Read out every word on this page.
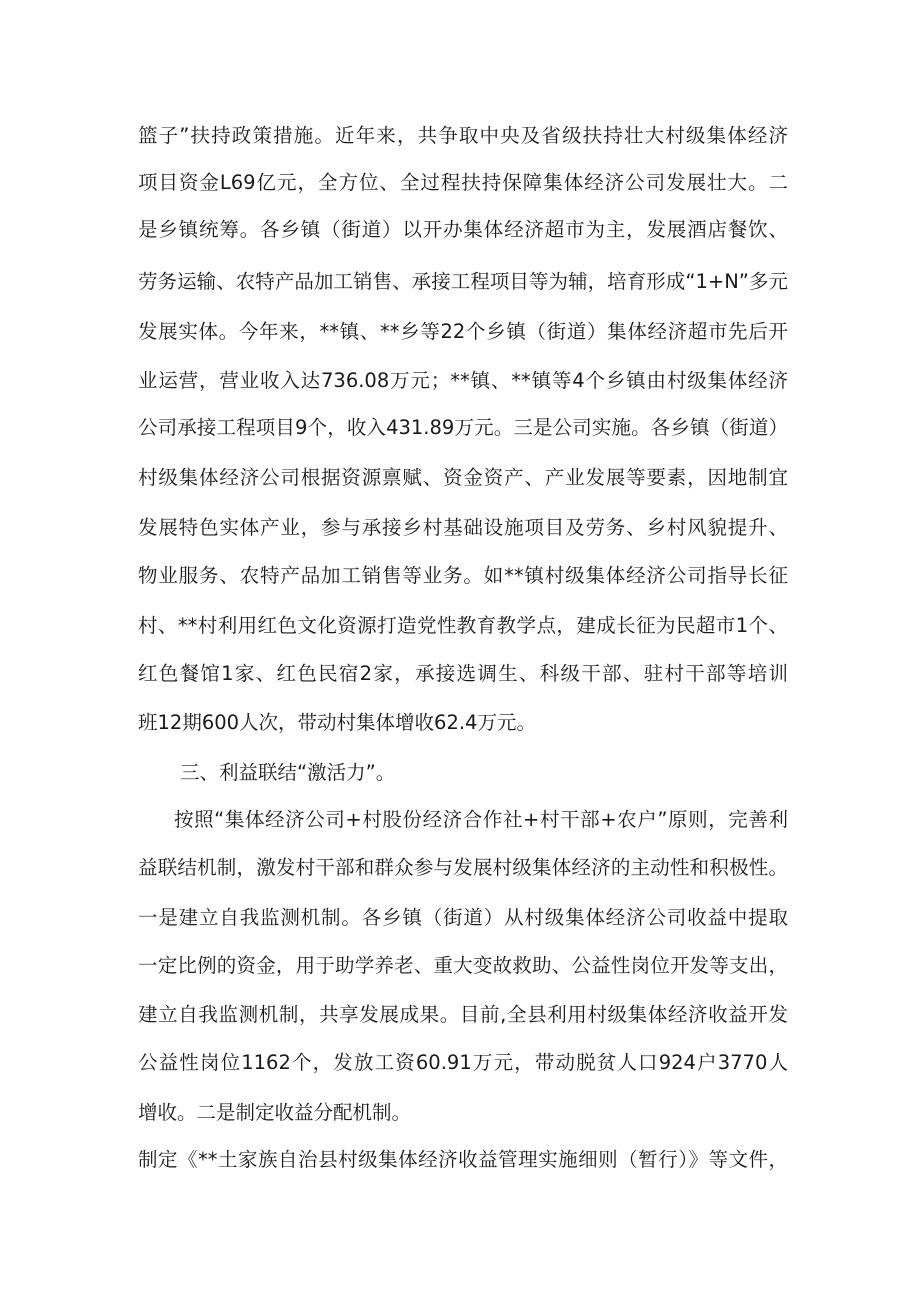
篮子”扶持政策措施。近年来，共争取中央及省级扶持壮大村级集体经济
项目资金L69亿元，全方位、全过程扶持保障集体经济公司发展壮大。二
是乡镇统筹。各乡镇（街道）以开办集体经济超市为主，发展酒店餐饮、
劳务运输、农特产品加工销售、承接工程项目等为辅，培育形成“1+N”多元
发展实体。今年来，**镇、**乡等22个乡镇（街道）集体经济超市先后开
业运营，营业收入达736.08万元；**镇、**镇等4个乡镇由村级集体经济
公司承接工程项目9个，收入431.89万元。三是公司实施。各乡镇（街道）
村级集体经济公司根据资源禀赋、资金资产、产业发展等要素，因地制宜
发展特色实体产业，参与承接乡村基础设施项目及劳务、乡村风貌提升、
物业服务、农特产品加工销售等业务。如**镇村级集体经济公司指导长征
村、**村利用红色文化资源打造党性教育教学点，建成长征为民超市1个、
红色餐馆1家、红色民宿2家，承接选调生、科级干部、驻村干部等培训
班12期600人次，带动村集体增收62.4万元。
三、利益联结“激活力”。
按照“集体经济公司+村股份经济合作社+村干部+农户”原则，完善利
益联结机制，激发村干部和群众参与发展村级集体经济的主动性和积极性。
一是建立自我监测机制。各乡镇（街道）从村级集体经济公司收益中提取
一定比例的资金，用于助学养老、重大变故救助、公益性岗位开发等支出，
建立自我监测机制，共享发展成果。目前,全县利用村级集体经济收益开发
公益性岗位1162个，发放工资60.91万元，带动脱贫人口924户3770人
增收。二是制定收益分配机制。
制定《**土家族自治县村级集体经济收益管理实施细则（暂行）》等文件，
